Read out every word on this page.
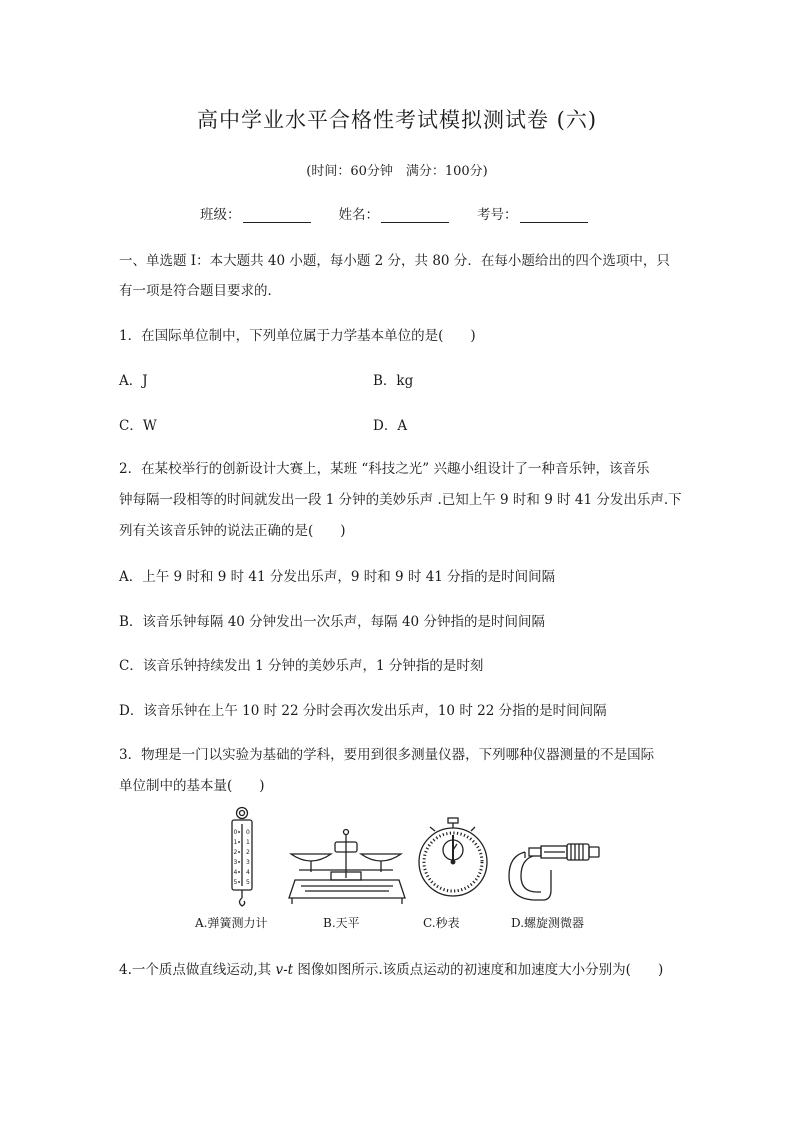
高中学业水平合格性考试模拟测试卷 (六)
(时间：60分钟　满分：100分)
班级：	姓名：	考号：
一、单选题 I：本大题共 40 小题，每小题 2 分，共 80 分．在每小题给出的四个选项中，只
有一项是符合题目要求的．
1．在国际单位制中，下列单位属于力学基本单位的是(　　)
A．J	B．kg
C．W	D．A
2．在某校举行的创新设计大赛上，某班 “科技之光” 兴趣小组设计了一种音乐钟，该音乐
钟每隔一段相等的时间就发出一段 1 分钟的美妙乐声 .已知上午 9 时和 9 时 41 分发出乐声.下
列有关该音乐钟的说法正确的是(　　)
A．上午 9 时和 9 时 41 分发出乐声，9 时和 9 时 41 分指的是时间间隔
B．该音乐钟每隔 40 分钟发出一次乐声，每隔 40 分钟指的是时间间隔
C．该音乐钟持续发出 1 分钟的美妙乐声，1 分钟指的是时刻
D．该音乐钟在上午 10 时 22 分时会再次发出乐声，10 时 22 分指的是时间间隔
3．物理是一门以实验为基础的学科，要用到很多测量仪器，下列哪种仪器测量的不是国际
单位制中的基本量(　　)
0
1
2
3
4
5
0
1
2
3
4
5
A.弹簧测力计	B.天平	C.秒表	D.螺旋测微器
4.一个质点做直线运动,其 v-t 图像如图所示.该质点运动的初速度和加速度大小分别为(　　)
